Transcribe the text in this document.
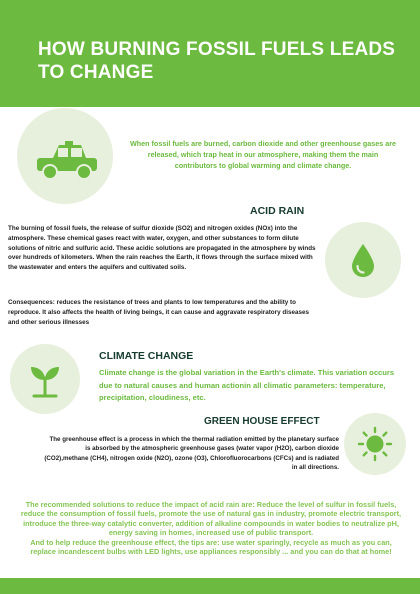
HOW BURNING FOSSIL FUELS LEADS TO CHANGE

When fossil fuels are burned, carbon dioxide and other greenhouse gases are released, which trap heat in our atmosphere, making them the main contributors to global warming and climate change.

ACID RAIN

The burning of fossil fuels, the release of sulfur dioxide (SO2) and nitrogen oxides (NOx) into the atmosphere. These chemical gases react with water, oxygen, and other substances to form dilute solutions of nitric and sulfuric acid. These acidic solutions are propagated in the atmosphere by winds over hundreds of kilometers. When the rain reaches the Earth, it flows through the surface mixed with the wastewater and enters the aquifers and cultivated soils.

Consequences: reduces the resistance of trees and plants to low temperatures and the ability to reproduce. It also affects the health of living beings, it can cause and aggravate respiratory diseases and other serious illnesses

CLIMATE CHANGE

Climate change is the global variation in the Earth's climate. This variation occurs due to natural causes and human actionin all climatic parameters: temperature, precipitation, cloudiness, etc.

GREEN HOUSE EFFECT

The greenhouse effect is a process in which the thermal radiation emitted by the planetary surface is absorbed by the atmospheric greenhouse gases (water vapor (H2O), carbon dioxide (CO2),methane (CH4), nitrogen oxide (N2O), ozone (O3), Chlorofluorocarbons (CFCs) and is radiated in all directions.

The recommended solutions to reduce the impact of acid rain are: Reduce the level of sulfur in fossil fuels, reduce the consumption of fossil fuels, promote the use of natural gas in industry, promote electric transport, introduce the three-way catalytic converter, addition of alkaline compounds in water bodies to neutralize pH, energy saving in homes, increased use of public transport.
And to help reduce the greenhouse effect, the tips are: use water sparingly, recycle as much as you can, replace incandescent bulbs with LED lights, use appliances responsibly ... and you can do that at home!
